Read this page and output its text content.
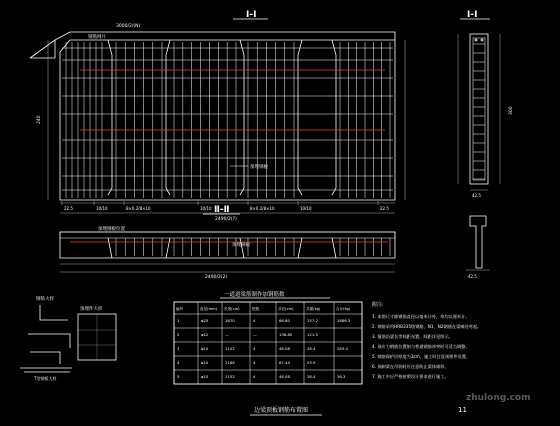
Ⅰ-Ⅰ
3000/2/(N)
240
钢筋网片
预埋钢板
22.5	10/10	8×0.2/8×10	10/10	8×0.2/8×10	10/10	22.5
2490/2(?)
Ⅰ-Ⅰ
300
42.5
Ⅱ-Ⅱ
预埋钢板位置
预埋钢板
2490/2(2)	42.5
钢筋大样
预埋件大样
T型钢板大样
一道道梁筋制作加钢筋数
编号	直径(mm) 长度(cm)	根数	共长(cm)	共重(kg)	合计(kg)
1	φ25	1670	4	66.80	257.2	1886.3
2	φ12	—	—	136.80	121.5
3	φ10	1152	4	46.08	28.4	283.4
4	φ10	2186	4	87.44	53.9
5	φ10	1152	4	46.08	28.4	36.3
附注:
1. 本图尺寸除钢筋直径以毫米计外，余均以厘米计。
2. 钢筋采用HRB335级钢筋，N1、N2钢筋在梁端处弯起。
3. 箍筋沿梁长等间距布置，间距详见图示。
4. 预应力钢筋位置如与普通钢筋冲突时可适当调整。
5. 钢筋保护层厚度为3cm，施工时注意预埋件设置。
6. 预制梁在吊装时应注意防止梁体倾斜。
7. 施工中应严格按照设计要求进行施工。
边梁顶板钢筋布置图	11
zhulong.com
